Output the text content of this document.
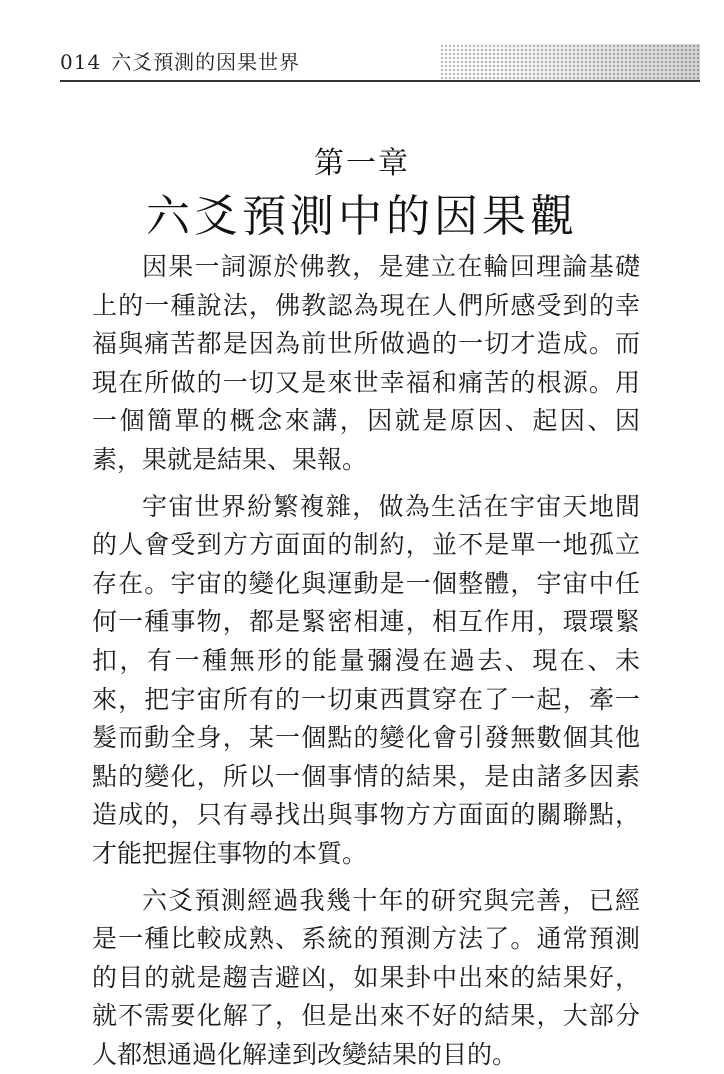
014 六爻預測的因果世界
第一章
六爻預測中的因果觀

因果一詞源於佛教，是建立在輪回理論基礎上的一種說法，佛教認為現在人們所感受到的幸福與痛苦都是因為前世所做過的一切才造成。而現在所做的一切又是來世幸福和痛苦的根源。用一個簡單的概念來講，因就是原因、起因、因素，果就是結果、果報。

宇宙世界紛繁複雜，做為生活在宇宙天地間的人會受到方方面面的制約，並不是單一地孤立存在。宇宙的變化與運動是一個整體，宇宙中任何一種事物，都是緊密相連，相互作用，環環緊扣，有一種無形的能量彌漫在過去、現在、未來，把宇宙所有的一切東西貫穿在了一起，牽一髮而動全身，某一個點的變化會引發無數個其他點的變化，所以一個事情的結果，是由諸多因素造成的，只有尋找出與事物方方面面的關聯點，才能把握住事物的本質。

六爻預測經過我幾十年的研究與完善，已經是一種比較成熟、系統的預測方法了。通常預測的目的就是趨吉避凶，如果卦中出來的結果好，就不需要化解了，但是出來不好的結果，大部分人都想通過化解達到改變結果的目的。
